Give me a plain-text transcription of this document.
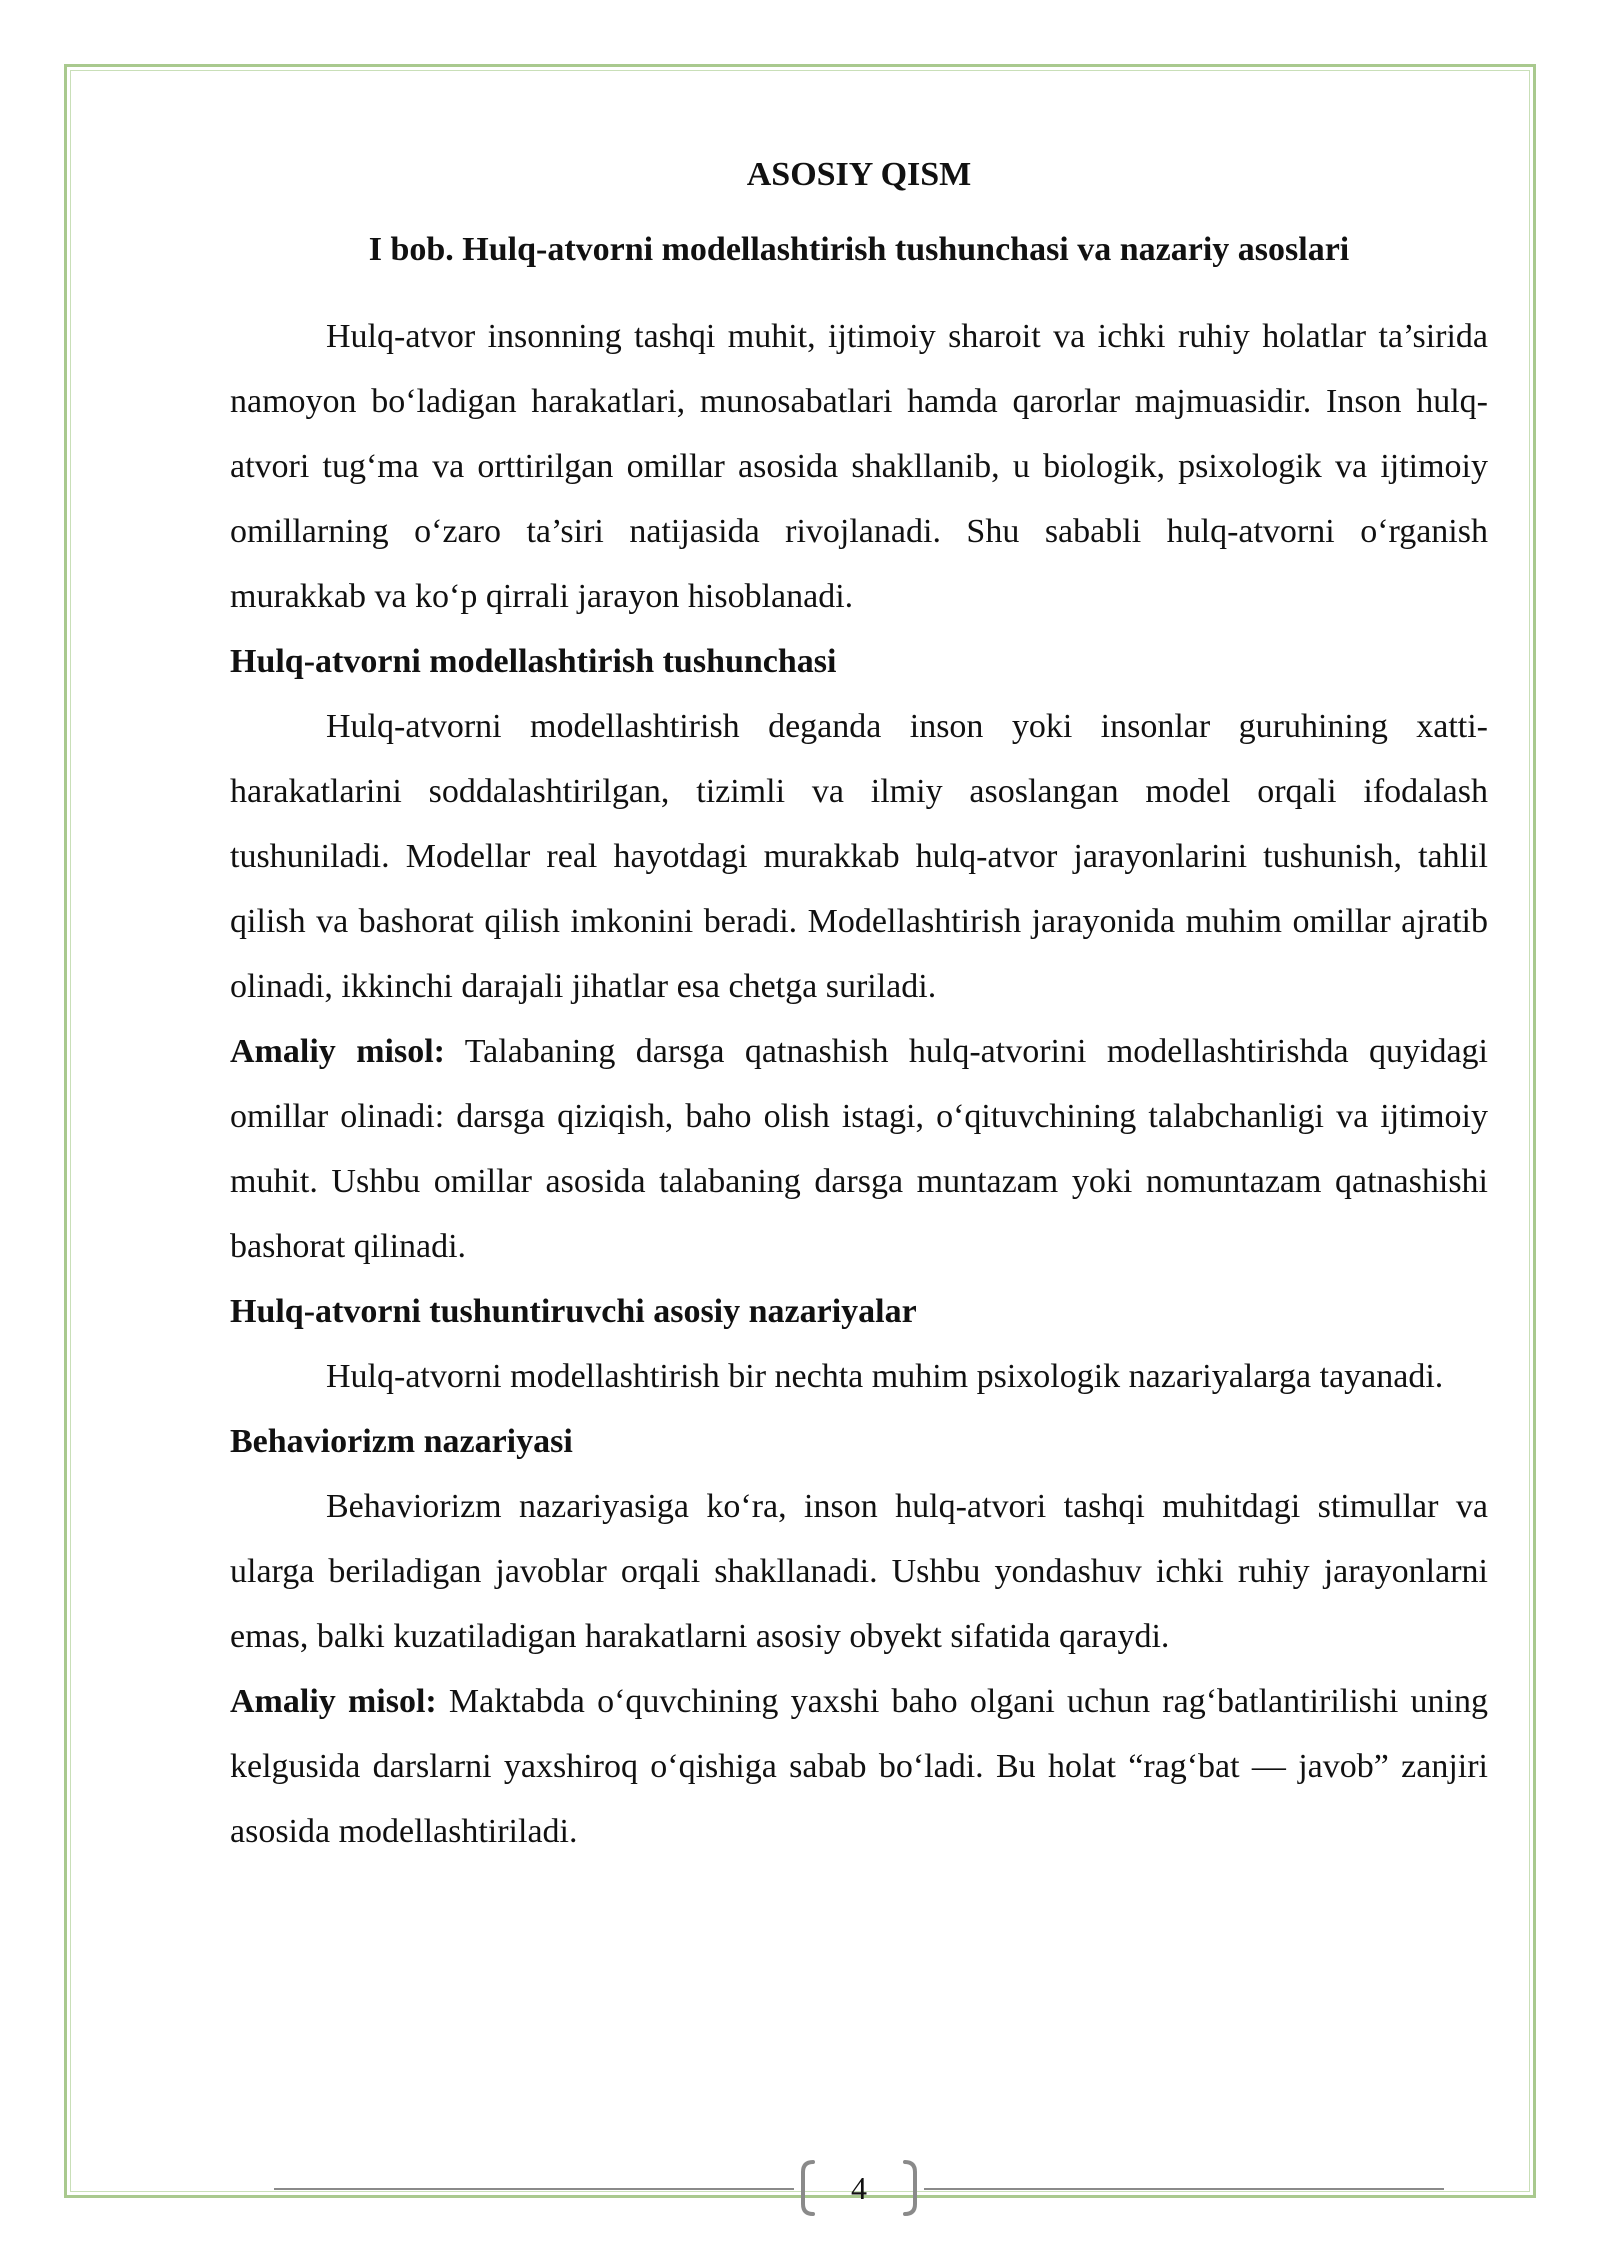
ASOSIY QISM
I bob. Hulq-atvorni modellashtirish tushunchasi va nazariy asoslari

Hulq-atvor insonning tashqi muhit, ijtimoiy sharoit va ichki ruhiy holatlar ta’sirida namoyon bo‘ladigan harakatlari, munosabatlari hamda qarorlar majmuasidir. Inson hulq-atvori tug‘ma va orttirilgan omillar asosida shakllanib, u biologik, psixologik va ijtimoiy omillarning o‘zaro ta’siri natijasida rivojlanadi. Shu sababli hulq-atvorni o‘rganish murakkab va ko‘p qirrali jarayon hisoblanadi.

Hulq-atvorni modellashtirish tushunchasi

Hulq-atvorni modellashtirish deganda inson yoki insonlar guruhining xatti-harakatlarini soddalashtirilgan, tizimli va ilmiy asoslangan model orqali ifodalash tushuniladi. Modellar real hayotdagi murakkab hulq-atvor jarayonlarini tushunish, tahlil qilish va bashorat qilish imkonini beradi. Modellashtirish jarayonida muhim omillar ajratib olinadi, ikkinchi darajali jihatlar esa chetga suriladi.

Amaliy misol: Talabaning darsga qatnashish hulq-atvorini modellashtirishda quyidagi omillar olinadi: darsga qiziqish, baho olish istagi, o‘qituvchining talabchanligi va ijtimoiy muhit. Ushbu omillar asosida talabaning darsga muntazam yoki nomuntazam qatnashishi bashorat qilinadi.

Hulq-atvorni tushuntiruvchi asosiy nazariyalar

Hulq-atvorni modellashtirish bir nechta muhim psixologik nazariyalarga tayanadi.

Behaviorizm nazariyasi

Behaviorizm nazariyasiga ko‘ra, inson hulq-atvori tashqi muhitdagi stimullar va ularga beriladigan javoblar orqali shakllanadi. Ushbu yondashuv ichki ruhiy jarayonlarni emas, balki kuzatiladigan harakatlarni asosiy obyekt sifatida qaraydi.

Amaliy misol: Maktabda o‘quvchining yaxshi baho olgani uchun rag‘batlantirilishi uning kelgusida darslarni yaxshiroq o‘qishiga sabab bo‘ladi. Bu holat “rag‘bat — javob” zanjiri asosida modellashtiriladi.

4
